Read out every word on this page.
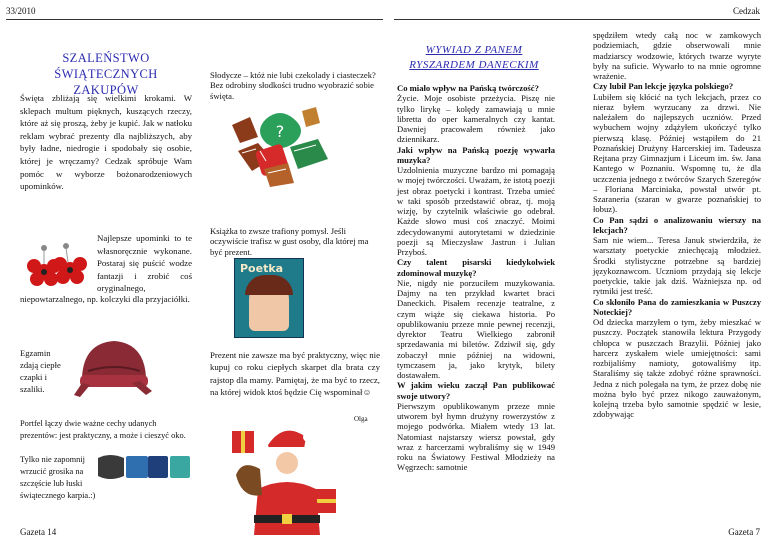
33/2010	Cedzak
SZALEŃSTWO ŚWIĄTECZNYCH ZAKUPÓW
Święta zbliżają się wielkimi krokami. W sklepach multum pięknych, kuszących rzeczy, które aż się proszą, żeby je kupić. Jak w natłoku reklam wybrać prezenty dla najbliższych, aby były ładne, niedrogie i spodobały się osobie, której je wręczamy? Cedzak spróbuje Wam pomóc w wyborze bożonarodzeniowych upominków.
Najlepsze upominki to te własnoręcznie wykonane. Postaraj się puścić wodze fantazji i zrobić coś oryginalnego,
niepowtarzalnego, np. kolczyki dla przyjaciółki.
Egzamin zdają ciepłe czapki i szaliki.
Portfel łączy dwie ważne cechy udanych prezentów: jest praktyczny, a może i cieszyć oko.
Tylko nie zapomnij wrzucić grosika na szczęście lub łuski świątecznego karpia.:)
Gazeta 14
Słodycze – któż nie lubi czekolady i ciasteczek? Bez odrobiny słodkości trudno wyobrazić sobie święta.
?
Książka to zwsze trafiony pomysł. Jeśli oczywiście trafisz w gust osoby, dla której ma być prezent.
Poetka
Prezent nie zawsze ma być praktyczny, więc nie kupuj co roku ciepłych skarpet dla brata czy rajstop dla mamy. Pamiętaj, że ma być to rzecz, na której widok ktoś będzie Cię wspominał☺
Olga
WYWIAD Z PANEM RYSZARDEM DANECKIM

Co miało wpływ na Pańską twórczość?

Życie. Moje osobiste przeżycia. Piszę nie tylko lirykę – kolędy zamawiają u mnie libretta do oper kameralnych czy kantat. Dawniej pracowałem również jako dziennikarz.

Jaki wpływ na Pańską poezję wywarła muzyka?

Uzdolnienia muzyczne bardzo mi pomagają w mojej twórczości. Uważam, że istotą poezji jest obraz poetycki i kontrast. Trzeba umieć w taki sposób przedstawić obraz, tj. moją wizję, by czytelnik właściwie go odebrał. Każde słowo musi coś znaczyć. Moimi zdecydowanymi autorytetami w dziedzinie poezji są Mieczysław Jastrun i Julian Przyboś.

Czy talent pisarski kiedykolwiek zdominował muzykę?

Nie, nigdy nie porzuciłem muzykowania. Dajmy na ten przykład kwartet braci Daneckich. Pisałem recenzje teatralne, z czym wiąże się ciekawa historia. Po opublikowaniu przeze mnie pewnej recenzji, dyrektor Teatru Wielkiego zabronił sprzedawania mi biletów. Zdziwił się, gdy zobaczył mnie później na widowni, tymczasem ja, jako krytyk, bilety dostawałem.

W jakim wieku zaczął Pan publikować swoje utwory?

Pierwszym opublikowanym przeze mnie utworem był hymn drużyny rowerzystów z mojego podwórka. Miałem wtedy 13 lat. Natomiast najstarszy wiersz powstał, gdy wraz z harcerzami wybraliśmy się w 1949 roku na Światowy Festiwal Młodzieży na Węgrzech: samotnie

spędziłem wtedy całą noc w zamkowych podziemiach, gdzie obserwowali mnie madziarscy wodzowie, których twarze wyryte były na suficie. Wywarło to na mnie ogromne wrażenie.

Czy lubił Pan lekcje języka polskiego?

Lubiłem się kłócić na tych lekcjach, przez co nieraz byłem wyrzucany za drzwi. Nie należałem do najlepszych uczniów. Przed wybuchem wojny zdążyłem ukończyć tylko pierwszą klasę. Później wstąpiłem do 21 Poznańskiej Drużyny Harcerskiej im. Tadeusza Rejtana przy Gimnazjum i Liceum im. św. Jana Kantego w Poznaniu. Wspomnę tu, że dla uczczenia jednego z twórców Szarych Szeregów – Floriana Marciniaka, powstał utwór pt. Szaraneria (szaran w gwarze poznańskiej to łobuz).

Co Pan sądzi o analizowaniu wierszy na lekcjach?

Sam nie wiem... Teresa Januk stwierdziła, że warsztaty poetyckie zniechęcają młodzież. Środki stylistyczne potrzebne są bardziej językoznawcom. Uczniom przydają się lekcje poetyckie, takie jak dziś. Ważniejsza np. od rytmiki jest treść.

Co skłoniło Pana do zamieszkania w Puszczy Noteckiej?

Od dziecka marzyłem o tym, żeby mieszkać w puszczy. Początek stanowiła lektura Przygody chłopca w puszczach Brazylii. Później jako harcerz zyskałem wiele umiejętności: sami rozbijaliśmy namioty, gotowaliśmy itp. Staraliśmy się także zdobyć różne sprawności. Jedna z nich polegała na tym, że przez dobę nie można było być przez nikogo zauważonym, kolejną trzeba było samotnie spędzić w lesie, zdobywając

Gazeta 7
